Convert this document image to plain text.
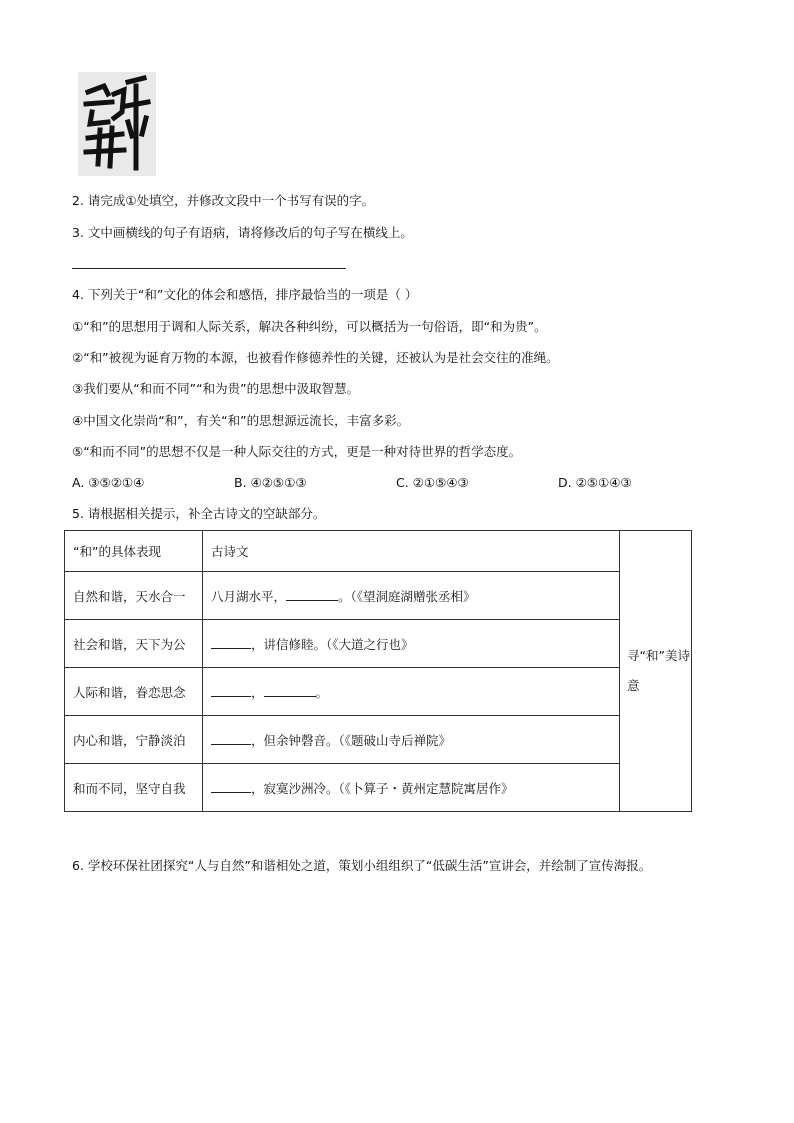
2. 请完成①处填空，并修改文段中一个书写有误的字。
3. 文中画横线的句子有语病，请将修改后的句子写在横线上。
4. 下列关于“和”文化的体会和感悟，排序最恰当的一项是（ ）
①“和”的思想用于调和人际关系，解决各种纠纷，可以概括为一句俗语，即“和为贵”。
②“和”被视为诞育万物的本源，也被看作修德养性的关键，还被认为是社会交往的准绳。
③我们要从“和而不同”“和为贵”的思想中汲取智慧。
④中国文化崇尚“和”，有关“和”的思想源远流长，丰富多彩。
⑤“和而不同”的思想不仅是一种人际交往的方式，更是一种对待世界的哲学态度。
A. ③⑤②①④	B. ④②⑤①③	C. ②①⑤④③	D. ②⑤①④③
5. 请根据相关提示，补全古诗文的空缺部分。
“和”的具体表现	古诗文	寻“和”美诗意
自然和谐，天水合一	八月湖水平， 。（《望洞庭湖赠张丞相》	
社会和谐，天下为公	，讲信修睦。（《大道之行也》	
人际和谐，眷恋思念	， 。	
内心和谐，宁静淡泊	，但余钟磬音。（《题破山寺后禅院》	
和而不同，坚守自我	，寂寞沙洲冷。（《卜算子・黄州定慧院寓居作》	
6. 学校环保社团探究“人与自然”和谐相处之道，策划小组组织了“低碳生活”宣讲会，并绘制了宣传海报。
